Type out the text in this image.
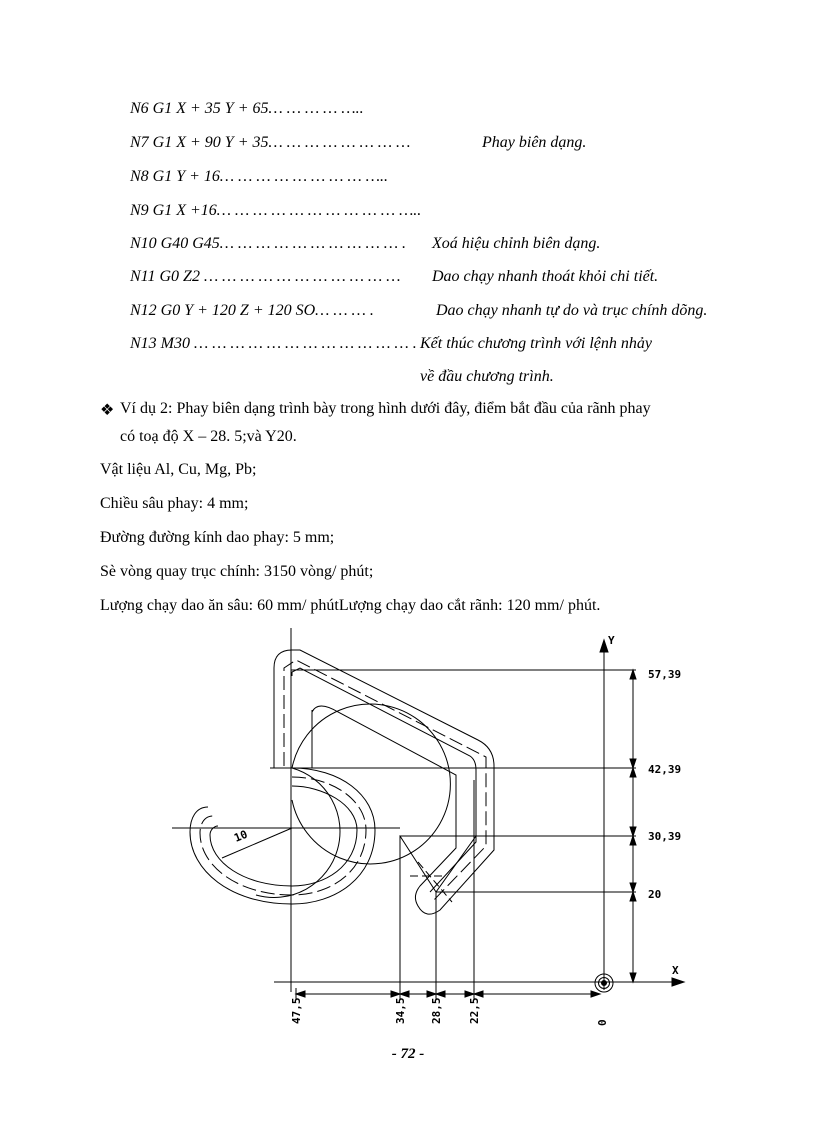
N6 G1 X + 35 Y + 65… … … … …..
N7 G1 X + 90 Y + 35… … … … … … … …	Phay biên dạng.
N8 G1 Y + 16… … … … … … … … …..
N9 G1 X +16… … … … … … … … … … …..
N10 G40 G45… … … … … … … … … … . Xoá hiệu chỉnh biên dạng.
N11 G0 Z2 … … … … … … … … … … … Dao chạy nhanh thoát khỏi chi tiết.
N12 G0 Y + 120 Z + 120 SO… … … .	Dao chạy nhanh tự do và trục chính dõng.
N13 M30 … … … … … … … … … … … … . Kết thúc chương trình với lệnh nhảy
về đầu chương trình.
❖ Ví dụ 2: Phay biên dạng trình bày trong hình dưới đây, điểm bắt đầu của rãnh phay
có toạ độ X – 28. 5;và Y20.
Vật liệu Al, Cu, Mg, Pb;
Chiều sâu phay: 4 mm;
Đường đường kính dao phay: 5 mm;
Sè vòng quay trục chính: 3150 vòng/ phút;
Lượng chạy dao ăn sâu: 60 mm/ phútLượng chạy dao cắt rãnh: 120 mm/ phút.
Y
X
57,39
42,39
30,39
20
10
47,5	34,5 28,5 22,5	0
- 72 -
